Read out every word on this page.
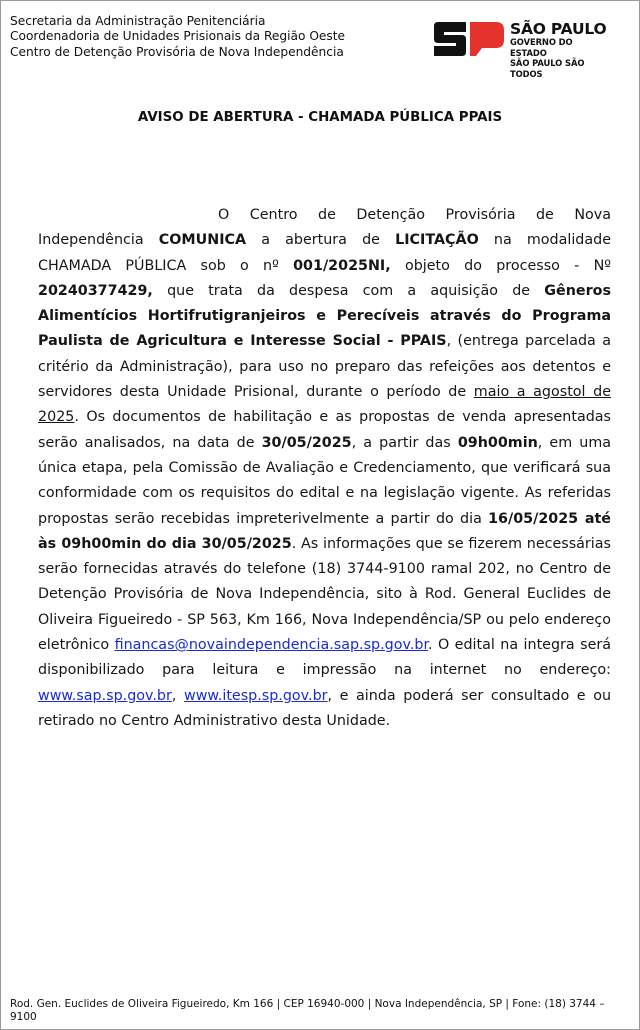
Secretaria da Administração Penitenciária
Coordenadoria de Unidades Prisionais da Região Oeste
Centro de Detenção Provisória de Nova Independência
SÃO PAULO
GOVERNO DO ESTADO
SÃO PAULO SÃO TODOS
AVISO DE ABERTURA - CHAMADA PÚBLICA PPAIS
O Centro de Detenção Provisória de Nova Independência COMUNICA a abertura de LICITAÇÃO na modalidade CHAMADA PÚBLICA sob o nº 001/2025NI, objeto do processo - Nº 20240377429, que trata da despesa com a aquisição de Gêneros Alimentícios Hortifrutigranjeiros e Perecíveis através do Programa Paulista de Agricultura e Interesse Social - PPAIS, (entrega parcelada a critério da Administração), para uso no preparo das refeições aos detentos e servidores desta Unidade Prisional, durante o período de maio a agostol de 2025. Os documentos de habilitação e as propostas de venda apresentadas serão analisados, na data de 30/05/2025, a partir das 09h00min, em uma única etapa, pela Comissão de Avaliação e Credenciamento, que verificará sua conformidade com os requisitos do edital e na legislação vigente. As referidas propostas serão recebidas impreterivelmente a partir do dia 16/05/2025 até às 09h00min do dia 30/05/2025. As informações que se fizerem necessárias serão fornecidas através do telefone (18) 3744-9100 ramal 202, no Centro de Detenção Provisória de Nova Independência, sito à Rod. General Euclides de Oliveira Figueiredo - SP 563, Km 166, Nova Independência/SP ou pelo endereço eletrônico financas@novaindependencia.sap.sp.gov.br. O edital na integra será disponibilizado para leitura e impressão na internet no endereço: www.sap.sp.gov.br, www.itesp.sp.gov.br, e ainda poderá ser consultado e ou retirado no Centro Administrativo desta Unidade.
Rod. Gen. Euclides de Oliveira Figueiredo, Km 166 | CEP 16940-000 | Nova Independência, SP | Fone: (18) 3744 – 9100
